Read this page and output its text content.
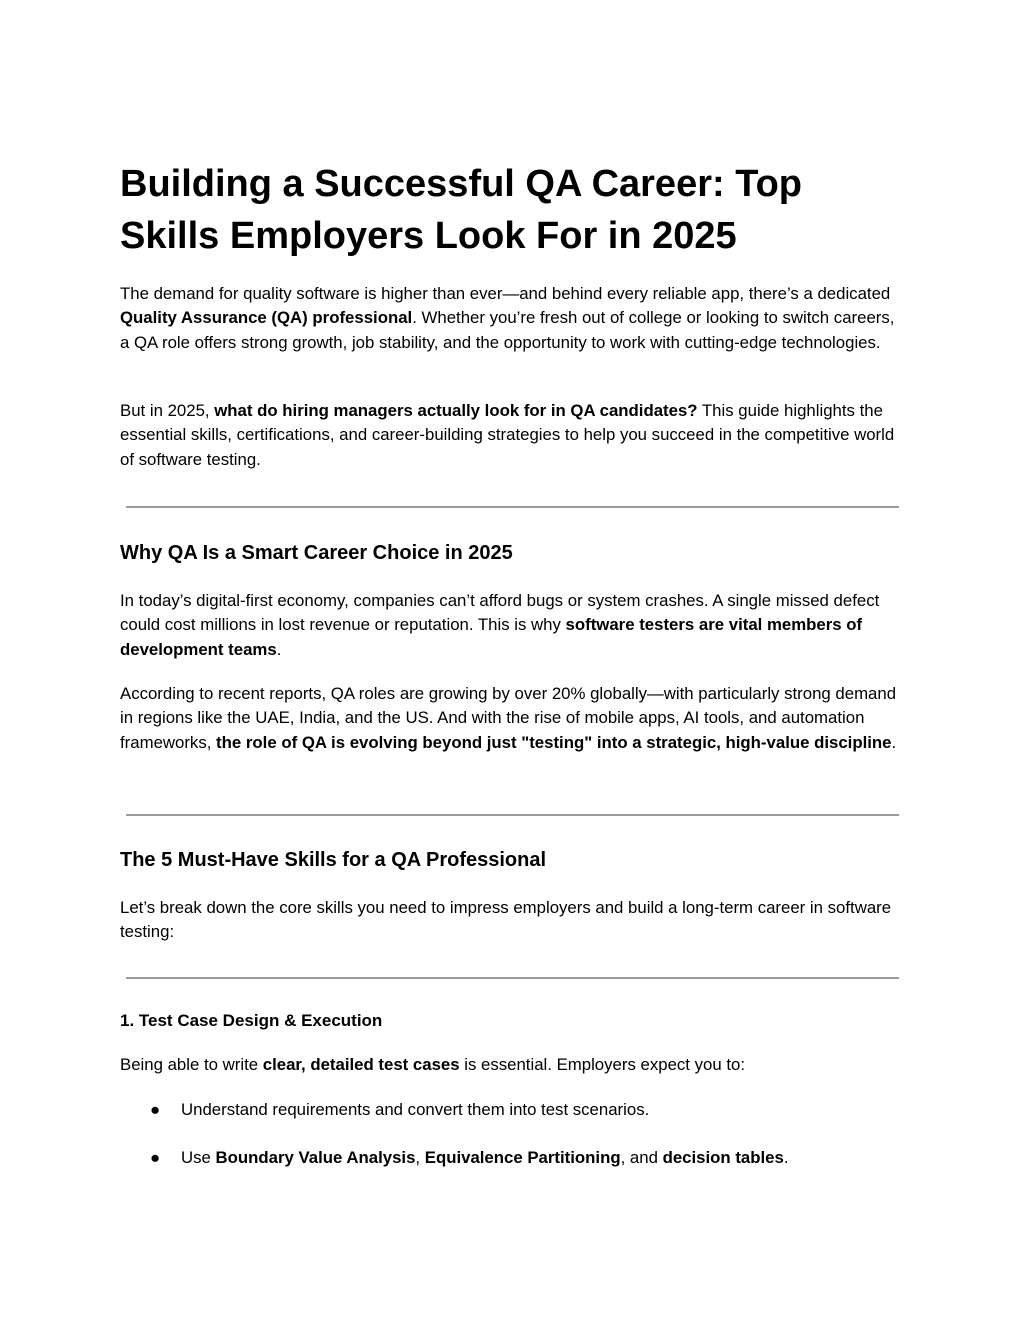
Building a Successful QA Career: Top Skills Employers Look For in 2025

The demand for quality software is higher than ever—and behind every reliable app, there’s a dedicated Quality Assurance (QA) professional. Whether you’re fresh out of college or looking to switch careers, a QA role offers strong growth, job stability, and the opportunity to work with cutting-edge technologies.

But in 2025, what do hiring managers actually look for in QA candidates? This guide highlights the essential skills, certifications, and career-building strategies to help you succeed in the competitive world of software testing.

Why QA Is a Smart Career Choice in 2025

In today’s digital-first economy, companies can’t afford bugs or system crashes. A single missed defect could cost millions in lost revenue or reputation. This is why software testers are vital members of development teams.

According to recent reports, QA roles are growing by over 20% globally—with particularly strong demand in regions like the UAE, India, and the US. And with the rise of mobile apps, AI tools, and automation frameworks, the role of QA is evolving beyond just "testing" into a strategic, high-value discipline.

The 5 Must-Have Skills for a QA Professional

Let’s break down the core skills you need to impress employers and build a long-term career in software testing:

1. Test Case Design & Execution

Being able to write clear, detailed test cases is essential. Employers expect you to:

●	Understand requirements and convert them into test scenarios.
●	Use Boundary Value Analysis, Equivalence Partitioning, and decision tables.
